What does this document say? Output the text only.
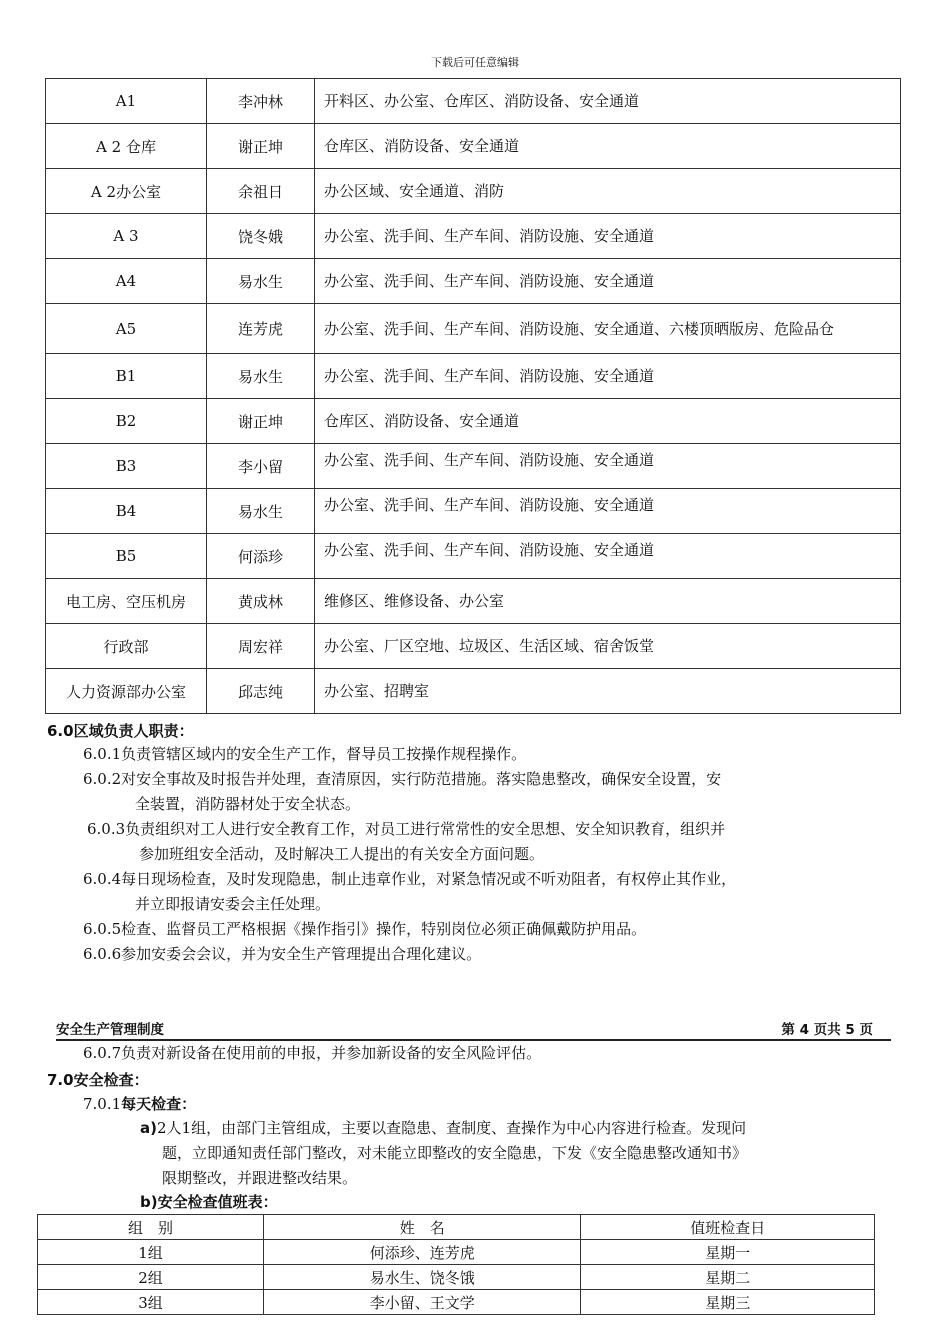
下载后可任意编辑
A1	李冲林	开料区、办公室、仓库区、消防设备、安全通道
A 2 仓库	谢正坤	仓库区、消防设备、安全通道
A 2办公室	余祖日	办公区域、安全通道、消防
A 3	饶冬娥	办公室、洗手间、生产车间、消防设施、安全通道
A4	易水生	办公室、洗手间、生产车间、消防设施、安全通道
A5	连芳虎	办公室、洗手间、生产车间、消防设施、安全通道、六楼顶晒版房、危险品仓
B1	易水生	办公室、洗手间、生产车间、消防设施、安全通道
B2	谢正坤	仓库区、消防设备、安全通道
B3	李小留	办公室、洗手间、生产车间、消防设施、安全通道
B4	易水生	办公室、洗手间、生产车间、消防设施、安全通道
B5	何添珍	办公室、洗手间、生产车间、消防设施、安全通道
电工房、空压机房	黄成林	维修区、维修设备、办公室
行政部	周宏祥	办公室、厂区空地、垃圾区、生活区域、宿舍饭堂
人力资源部办公室	邱志纯	办公室、招聘室
6.0区域负责人职责：
6.0.1负责管辖区域内的安全生产工作，督导员工按操作规程操作。
6.0.2对安全事故及时报告并处理，查清原因，实行防范措施。落实隐患整改，确保安全设置，安
全装置，消防器材处于安全状态。
6.0.3负责组织对工人进行安全教育工作，对员工进行常常性的安全思想、安全知识教育，组织并
参加班组安全活动，及时解决工人提出的有关安全方面问题。
6.0.4每日现场检查，及时发现隐患，制止违章作业，对紧急情况或不听劝阻者，有权停止其作业，
并立即报请安委会主任处理。
6.0.5检查、监督员工严格根据《操作指引》操作，特别岗位必须正确佩戴防护用品。
6.0.6参加安委会会议，并为安全生产管理提出合理化建议。
安全生产管理制度	第 4 页共 5 页
6.0.7负责对新设备在使用前的申报，并参加新设备的安全风险评估。
7.0安全检查：
7.0.1每天检查：
a)2人1组，由部门主管组成，主要以查隐患、查制度、查操作为中心内容进行检查。发现问
题，立即通知责任部门整改，对未能立即整改的安全隐患，下发《安全隐患整改通知书》
限期整改，并跟进整改结果。
b)安全检查值班表：
组　别	姓　名	值班检查日
1组	何添珍、连芳虎	星期一
2组	易水生、饶冬饿	星期二
3组	李小留、王文学	星期三
